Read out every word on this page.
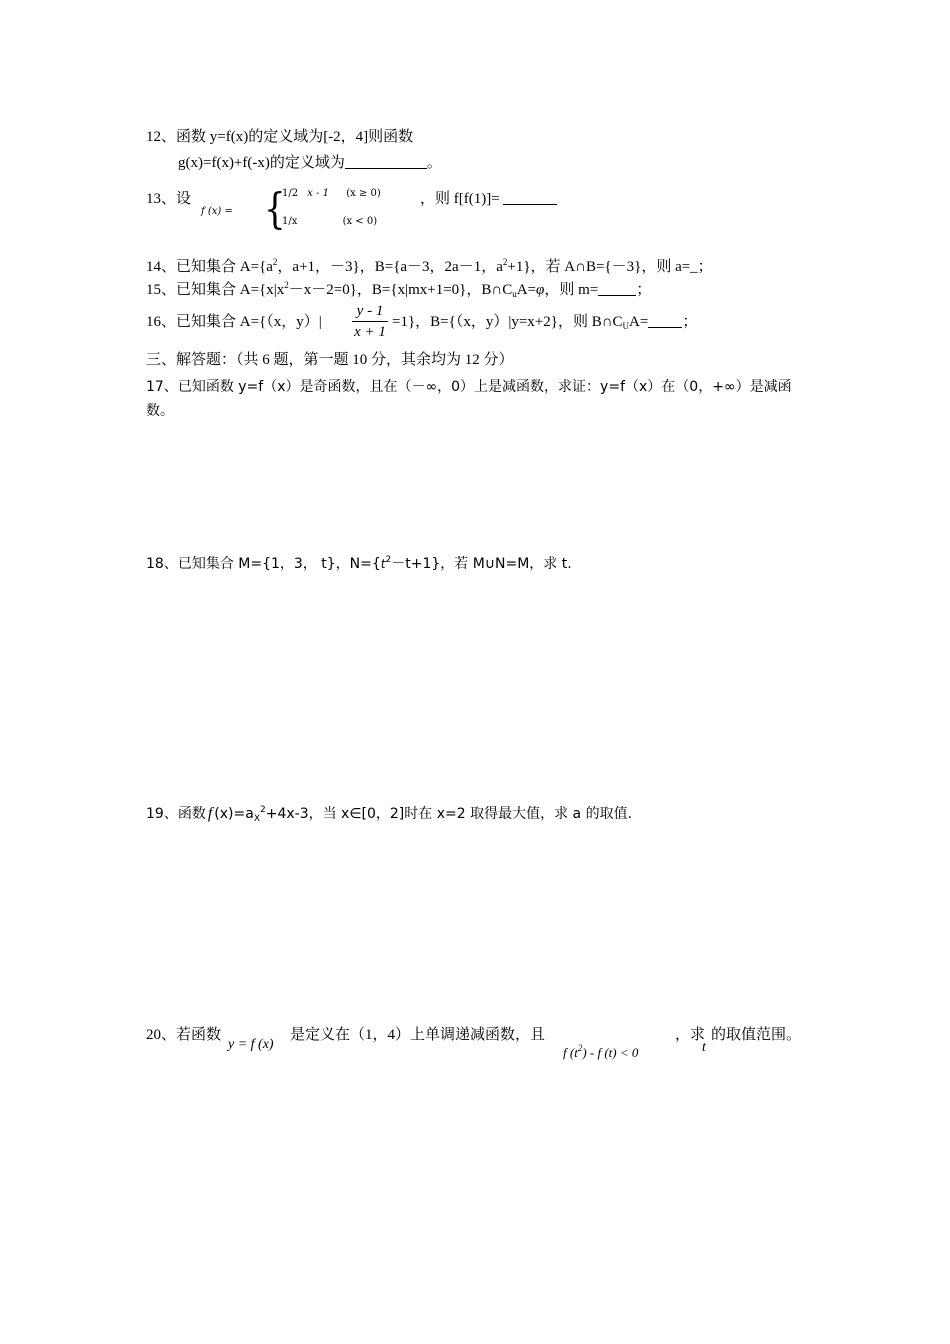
12、函数 y=f(x)的定义域为[-2，4]则函数
g(x)=f(x)+f(-x)的定义域为	。
13、设
f (x) = {
1/2 x - 1 (x ≥ 0)
1/x	(x < 0)
，则 f[f(1)]=
14、已知集合 $A=\{a^2$，a+1，－3}，B={a－3，2a－1，$a^2+1$}，若 A∩B={－3}，则 a=_；
15、已知集合 $A=\{x|x^2-x-2=0\}$，B={x|mx+1=0}，$B\cap C_uA=\varphi$，则 m=	；
16、已知集合 A={（x，y）|
y - 1
x + 1
=1}，B={（x，y）|y=x+2}，则 $B\cap C_UA=$ ；
三、解答题：（共 6 题，第一题 10 分，其余均为 12 分）
17、已知函数 y=f（x）是奇函数，且在（－∞，0）上是减函数，求证：y=f（x）在（0，+∞）是减函
数。
18、已知集合 M={1，3， t}，$N=\{t^2-t+1\}$，若 M∪N=M，求 t.
19、函数 f $(x)=a_X^2+4x-3$，当 x∈[0，2]时在 x=2 取得最大值，求 a 的取值.
20、若函数
y = f (x)
是定义在（1，4）上单调递减函数，且
f $(t^2)$ - f (t) < 0
，求
t
的取值范围。
